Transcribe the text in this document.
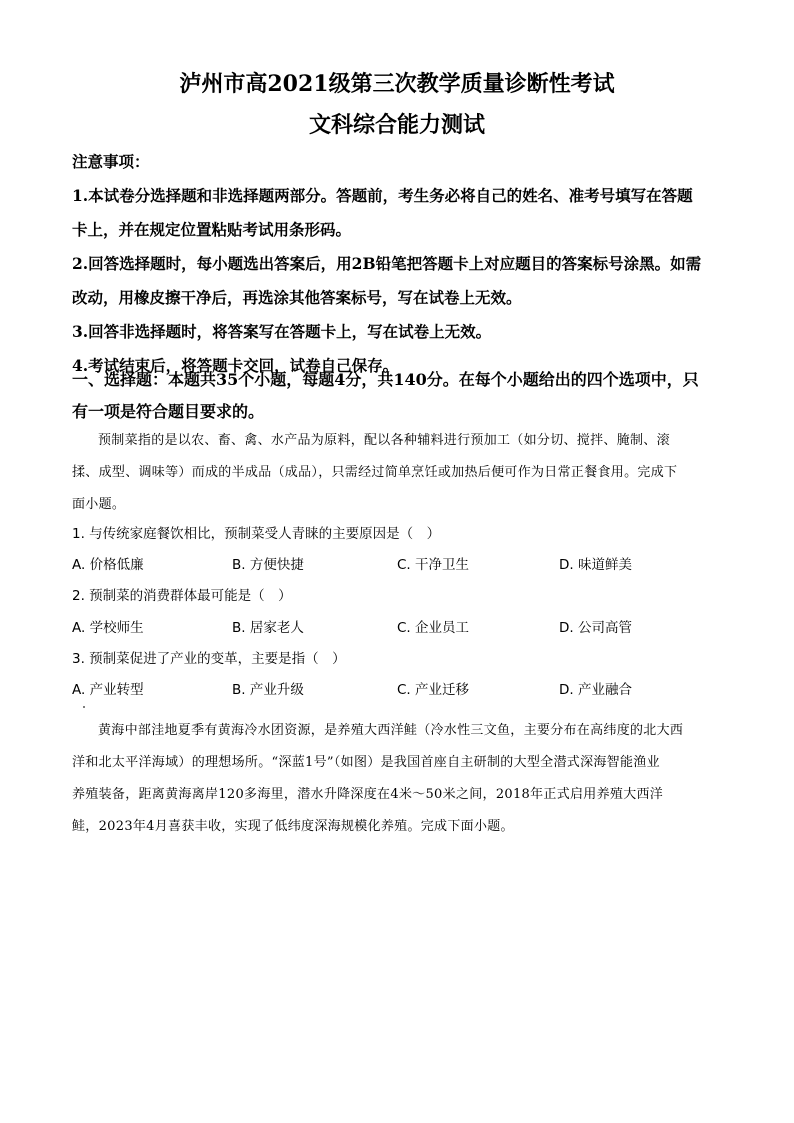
泸州市高2021级第三次教学质量诊断性考试
文科综合能力测试
注意事项：
1.本试卷分选择题和非选择题两部分。答题前，考生务必将自己的姓名、准考号填写在答题
卡上，并在规定位置粘贴考试用条形码。
2.回答选择题时，每小题选出答案后，用2B铅笔把答题卡上对应题目的答案标号涂黑。如需
改动，用橡皮擦干净后，再选涂其他答案标号，写在试卷上无效。
3.回答非选择题时，将答案写在答题卡上，写在试卷上无效。
4.考试结束后，将答题卡交回，试卷自己保存。
一、选择题：本题共35个小题，每题4分，共140分。在每个小题给出的四个选项中，只
有一项是符合题目要求的。
预制菜指的是以农、畜、禽、水产品为原料，配以各种辅料进行预加工（如分切、搅拌、腌制、滚
揉、成型、调味等）而成的半成品（成品），只需经过简单烹饪或加热后便可作为日常正餐食用。完成下
面小题。
1. 与传统家庭餐饮相比，预制菜受人青睐的主要原因是（　）
A. 价格低廉	B. 方便快捷	C. 干净卫生	D. 味道鲜美
2. 预制菜的消费群体最可能是（　）
A. 学校师生	B. 居家老人	C. 企业员工	D. 公司高管
3. 预制菜促进了产业的变革，主要是指（　）
A. 产业转型	B. 产业升级	C. 产业迁移	D. 产业融合
黄海中部洼地夏季有黄海冷水团资源，是养殖大西洋鲑（冷水性三文鱼，主要分布在高纬度的北大西
洋和北太平洋海域）的理想场所。“深蓝1号”（如图）是我国首座自主研制的大型全潜式深海智能渔业
养殖装备，距离黄海离岸120多海里，潜水升降深度在4米～50米之间，2018年正式启用养殖大西洋
鲑，2023年4月喜获丰收，实现了低纬度深海规模化养殖。完成下面小题。
